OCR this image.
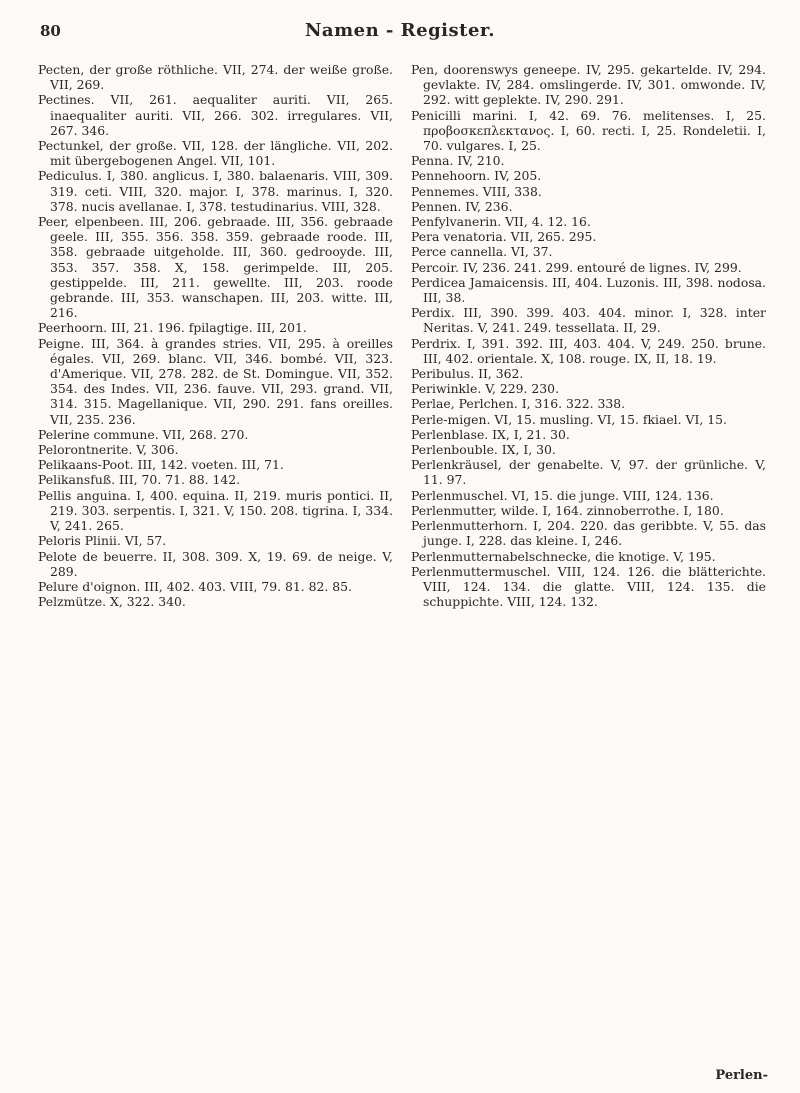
80	Namen - Register.

Pecten, der große röthliche. VII, 274. der weiße große. VII, 269.

Pectines. VII, 261. aequaliter auriti. VII, 265. inaequaliter auriti. VII, 266. 302. irregulares. VII, 267. 346.

Pectunkel, der große. VII, 128. der längliche. VII, 202. mit übergebogenen Angel. VII, 101.

Pediculus. I, 380. anglicus. I, 380. balaenaris. VIII, 309. 319. ceti. VIII, 320. major. I, 378. marinus. I, 320. 378. nucis avellanae. I, 378. testudinarius. VIII, 328.

Peer, elpenbeen. III, 206. gebraade. III, 356. gebraade geele. III, 355. 356. 358. 359. gebraade roode. III, 358. gebraade uitgeholde. III, 360. gedrooyde. III, 353. 357. 358. X, 158. gerimpelde. III, 205. gestippelde. III, 211. gewellte. III, 203. roode gebrande. III, 353. wanschapen. III, 203. witte. III, 216.

Peerhoorn. III, 21. 196. fpilagtige. III, 201.

Peigne. III, 364. à grandes stries. VII, 295. à oreilles égales. VII, 269. blanc. VII, 346. bombé. VII, 323. d'Amerique. VII, 278. 282. de St. Domingue. VII, 352. 354. des Indes. VII, 236. fauve. VII, 293. grand. VII, 314. 315. Magellanique. VII, 290. 291. fans oreilles. VII, 235. 236.

Pelerine commune. VII, 268. 270.

Pelorontnerite. V, 306.

Pelikaans-Poot. III, 142. voeten. III, 71.

Pelikansfuß. III, 70. 71. 88. 142.

Pellis anguina. I, 400. equina. II, 219. muris pontici. II, 219. 303. serpentis. I, 321. V, 150. 208. tigrina. I, 334. V, 241. 265.

Peloris Plinii. VI, 57.

Pelote de beuerre. II, 308. 309. X, 19. 69. de neige. V, 289.

Pelure d'oignon. III, 402. 403. VIII, 79. 81. 82. 85.

Pelzmütze. X, 322. 340.

Pen, doorenswys geneepe. IV, 295. gekartelde. IV, 294. gevlakte. IV, 284. omslingerde. IV, 301. omwonde. IV, 292. witt geplekte. IV, 290. 291.

Penicilli marini. I, 42. 69. 76. melitenses. I, 25. πρoβoσκεπλεκτανος. I, 60. recti. I, 25. Rondeletii. I, 70. vulgares. I, 25.

Penna. IV, 210.

Pennehoorn. IV, 205.

Pennemes. VIII, 338.

Pennen. IV, 236.

Penfylvanerin. VII, 4. 12. 16.

Pera venatoria. VII, 265. 295.

Perce cannella. VI, 37.

Percoir. IV, 236. 241. 299. entouré de lignes. IV, 299.

Perdicea Jamaicensis. III, 404. Luzonis. III, 398. nodosa. III, 38.

Perdix. III, 390. 399. 403. 404. minor. I, 328. inter Neritas. V, 241. 249. tessellata. II, 29.

Perdrix. I, 391. 392. III, 403. 404. V, 249. 250. brune. III, 402. orientale. X, 108. rouge. IX, II, 18. 19.

Peribulus. II, 362.

Periwinkle. V, 229. 230.

Perlae, Perlchen. I, 316. 322. 338.

Perle-migen. VI, 15. musling. VI, 15. fkiael. VI, 15.

Perlenblase. IX, I, 21. 30.

Perlenbouble. IX, I, 30.

Perlenkräusel, der genabelte. V, 97. der grünliche. V, 11. 97.

Perlenmuschel. VI, 15. die junge. VIII, 124. 136.

Perlenmutter, wilde. I, 164. zinnoberrothe. I, 180.

Perlenmutterhorn. I, 204. 220. das geribbte. V, 55. das junge. I, 228. das kleine. I, 246.

Perlenmutternabelschnecke, die knotige. V, 195.

Perlenmuttermuschel. VIII, 124. 126. die blätterichte. VIII, 124. 134. die glatte. VIII, 124. 135. die schuppichte. VIII, 124. 132.

Perlen-
